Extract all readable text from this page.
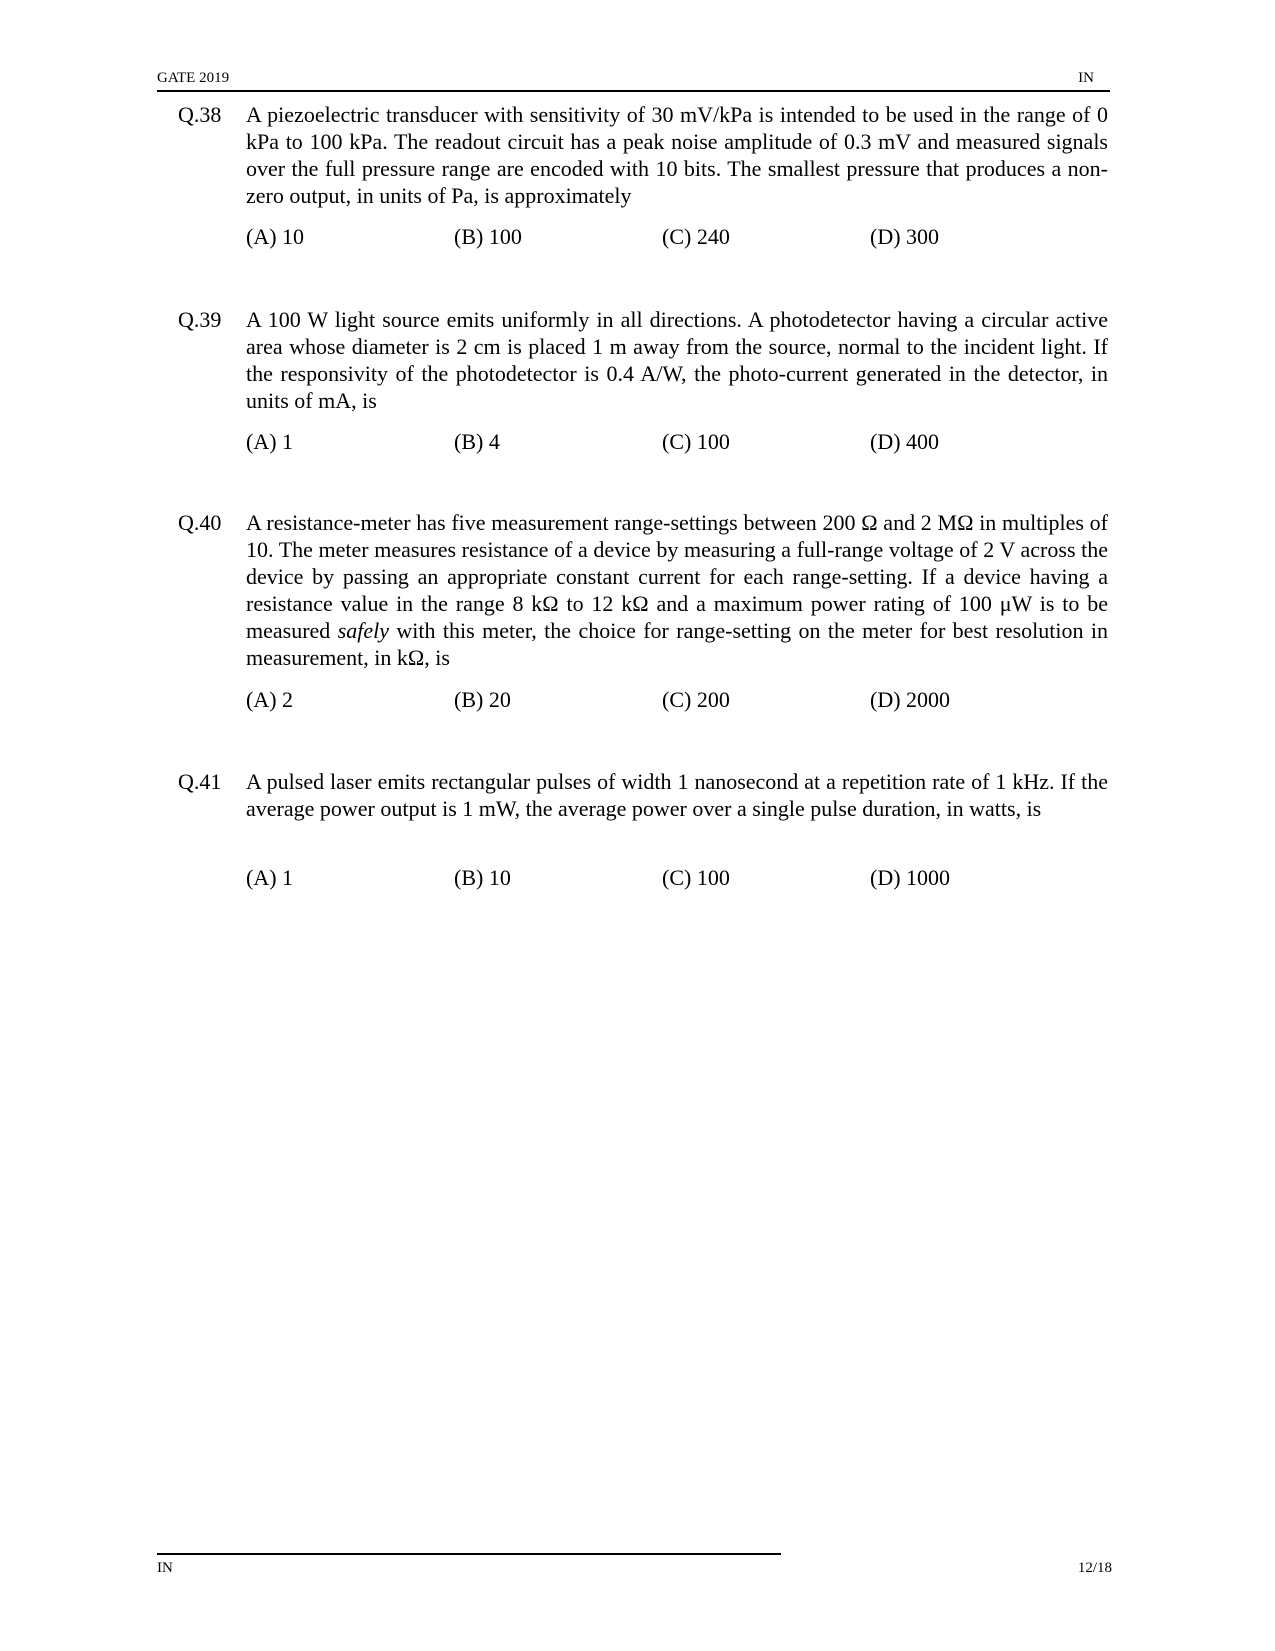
GATE 2019	IN
Q.38 A piezoelectric transducer with sensitivity of 30 mV/kPa is intended to be used in the range of 0 kPa to 100 kPa. The readout circuit has a peak noise amplitude of 0.3 mV and measured signals over the full pressure range are encoded with 10 bits. The smallest pressure that produces a non-zero output, in units of Pa, is approximately
(A) 10	(B) 100	(C) 240	(D) 300
Q.39 A 100 W light source emits uniformly in all directions. A photodetector having a circular active area whose diameter is 2 cm is placed 1 m away from the source, normal to the incident light. If the responsivity of the photodetector is 0.4 A/W, the photo-current generated in the detector, in units of mA, is
(A) 1	(B) 4	(C) 100	(D) 400
Q.40 A resistance-meter has five measurement range-settings between 200 Ω and 2 MΩ in multiples of 10. The meter measures resistance of a device by measuring a full-range voltage of 2 V across the device by passing an appropriate constant current for each range-setting. If a device having a resistance value in the range 8 kΩ to 12 kΩ and a maximum power rating of 100 μW is to be measured safely with this meter, the choice for range-setting on the meter for best resolution in measurement, in kΩ, is
(A) 2	(B) 20	(C) 200	(D) 2000
Q.41 A pulsed laser emits rectangular pulses of width 1 nanosecond at a repetition rate of 1 kHz. If the average power output is 1 mW, the average power over a single pulse duration, in watts, is
(A) 1	(B) 10	(C) 100	(D) 1000
IN	12/18
